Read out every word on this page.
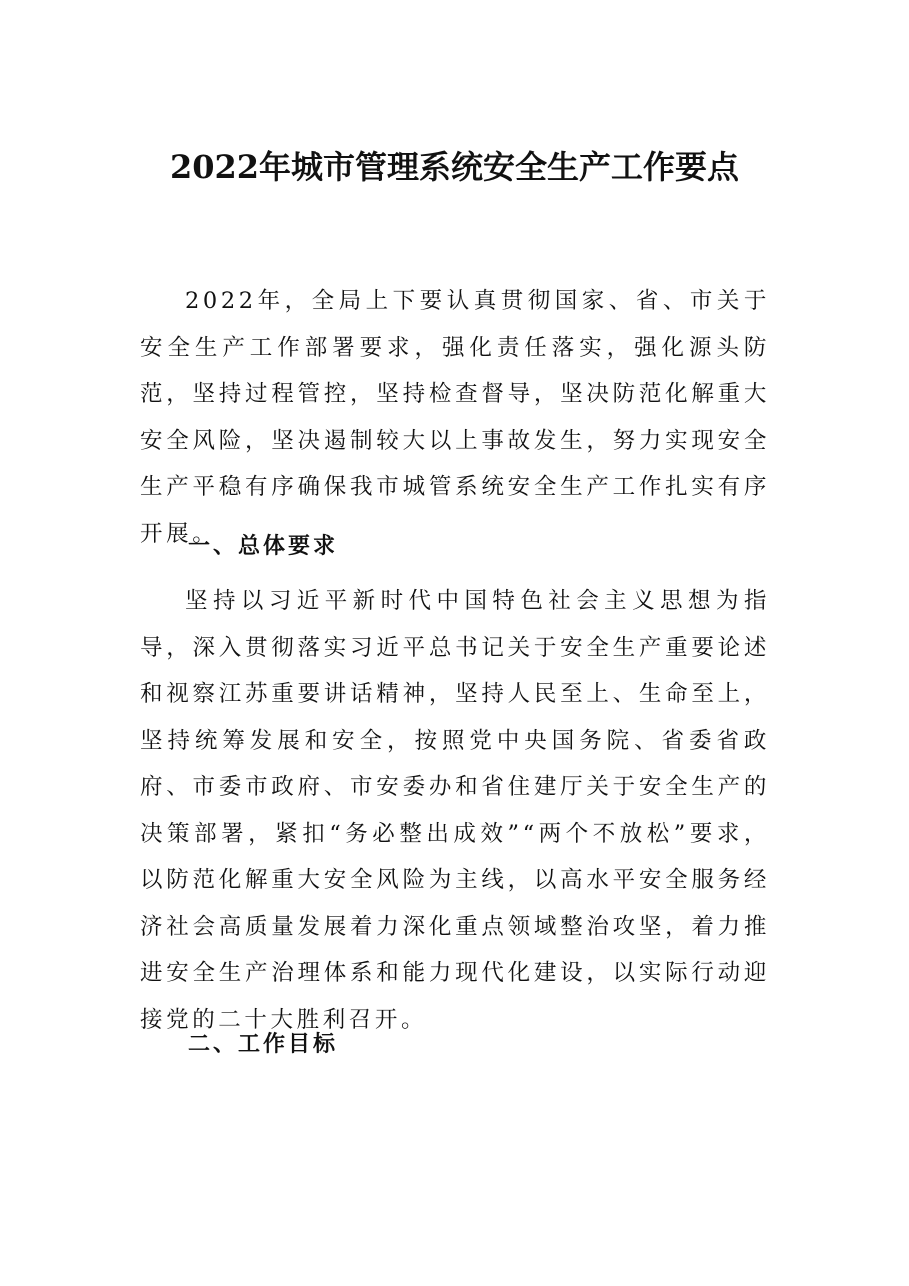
2022年城市管理系统安全生产工作要点

2022年，全局上下要认真贯彻国家、省、市关于安全生产工作部署要求，强化责任落实，强化源头防范，坚持过程管控，坚持检查督导，坚决防范化解重大安全风险，坚决遏制较大以上事故发生，努力实现安全生产平稳有序确保我市城管系统安全生产工作扎实有序开展。

一、总体要求

坚持以习近平新时代中国特色社会主义思想为指导，深入贯彻落实习近平总书记关于安全生产重要论述和视察江苏重要讲话精神，坚持人民至上、生命至上，坚持统筹发展和安全，按照党中央国务院、省委省政府、市委市政府、市安委办和省住建厅关于安全生产的决策部署，紧扣“务必整出成效”“两个不放松”要求，以防范化解重大安全风险为主线，以高水平安全服务经济社会高质量发展着力深化重点领域整治攻坚，着力推进安全生产治理体系和能力现代化建设，以实际行动迎接党的二十大胜利召开。

二、工作目标
